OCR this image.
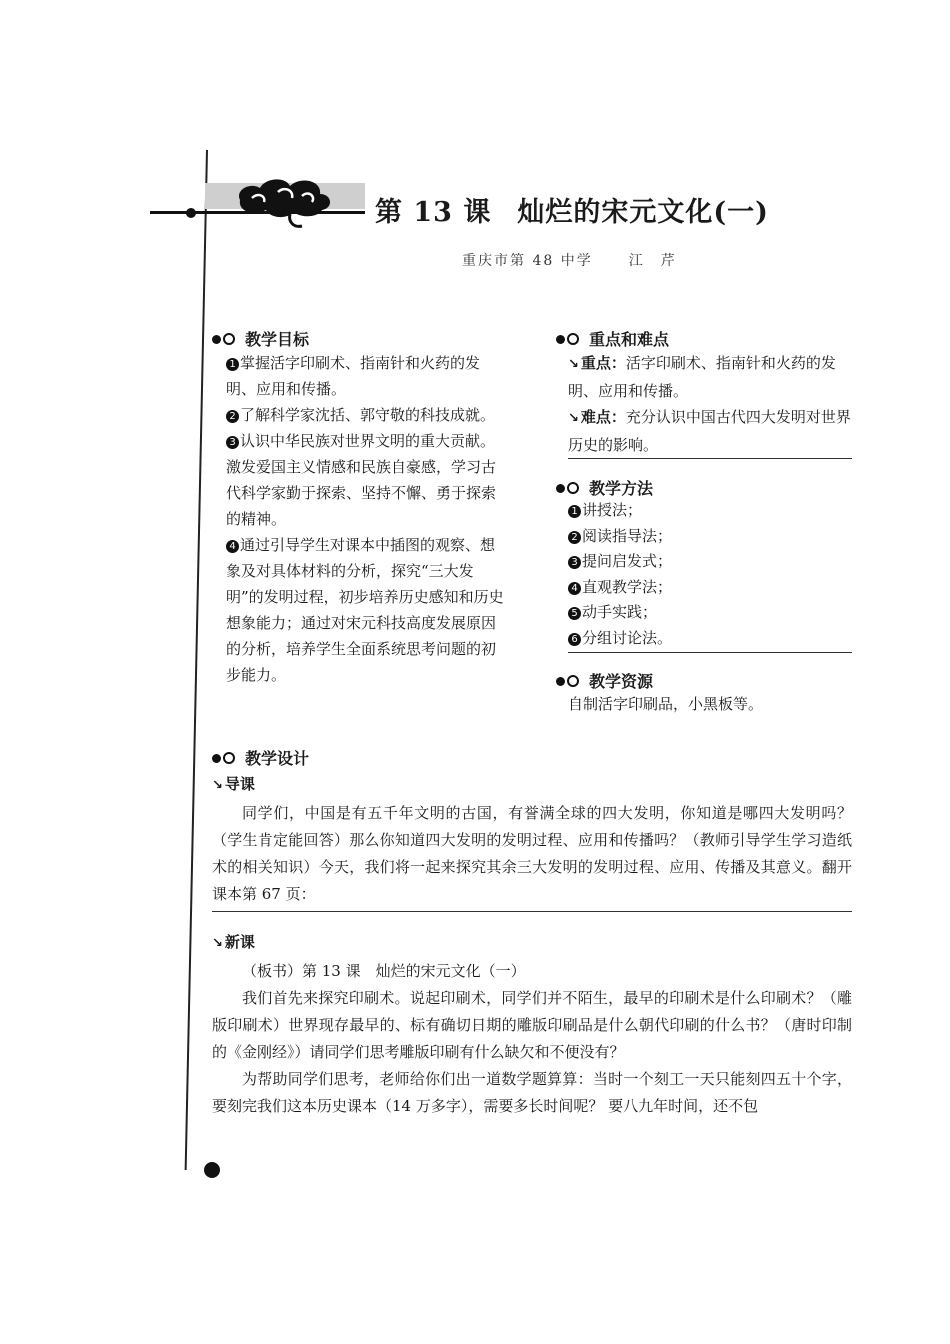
第 13 课 灿烂的宋元文化(一)
重庆市第 48 中学	江　芹
教学目标

1 掌握活字印刷术、指南针和火药的发明、应用和传播。

2 了解科学家沈括、郭守敬的科技成就。

3 认识中华民族对世界文明的重大贡献。激发爱国主义情感和民族自豪感，学习古代科学家勤于探索、坚持不懈、勇于探索的精神。

4 通过引导学生对课本中插图的观察、想象及对具体材料的分析，探究“三大发明”的发明过程，初步培养历史感知和历史想象能力；通过对宋元科技高度发展原因的分析，培养学生全面系统思考问题的初步能力。

重点和难点

↘ 重点：活字印刷术、指南针和火药的发明、应用和传播。

↘ 难点：充分认识中国古代四大发明对世界历史的影响。

教学方法

1 讲授法；

2 阅读指导法；

3 提问启发式；

4 直观教学法；

5 动手实践；

6 分组讨论法。

教学资源
自制活字印刷品，小黑板等。
教学设计
↘ 导课

同学们，中国是有五千年文明的古国，有誉满全球的四大发明，你知道是哪四大发明吗？（学生肯定能回答）那么你知道四大发明的发明过程、应用和传播吗？（教师引导学生学习造纸术的相关知识）今天，我们将一起来探究其余三大发明的发明过程、应用、传播及其意义。翻开课本第 67 页：

↘ 新课

（板书）第 13 课　灿烂的宋元文化（一）

我们首先来探究印刷术。说起印刷术，同学们并不陌生，最早的印刷术是什么印刷术？（雕版印刷术）世界现存最早的、标有确切日期的雕版印刷品是什么朝代印刷的什么书？（唐时印制的《金刚经》）请同学们思考雕版印刷有什么缺欠和不便没有？

为帮助同学们思考，老师给你们出一道数学题算算：当时一个刻工一天只能刻四五十个字，要刻完我们这本历史课本（14 万多字），需要多长时间呢？ 要八九年时间，还不包
